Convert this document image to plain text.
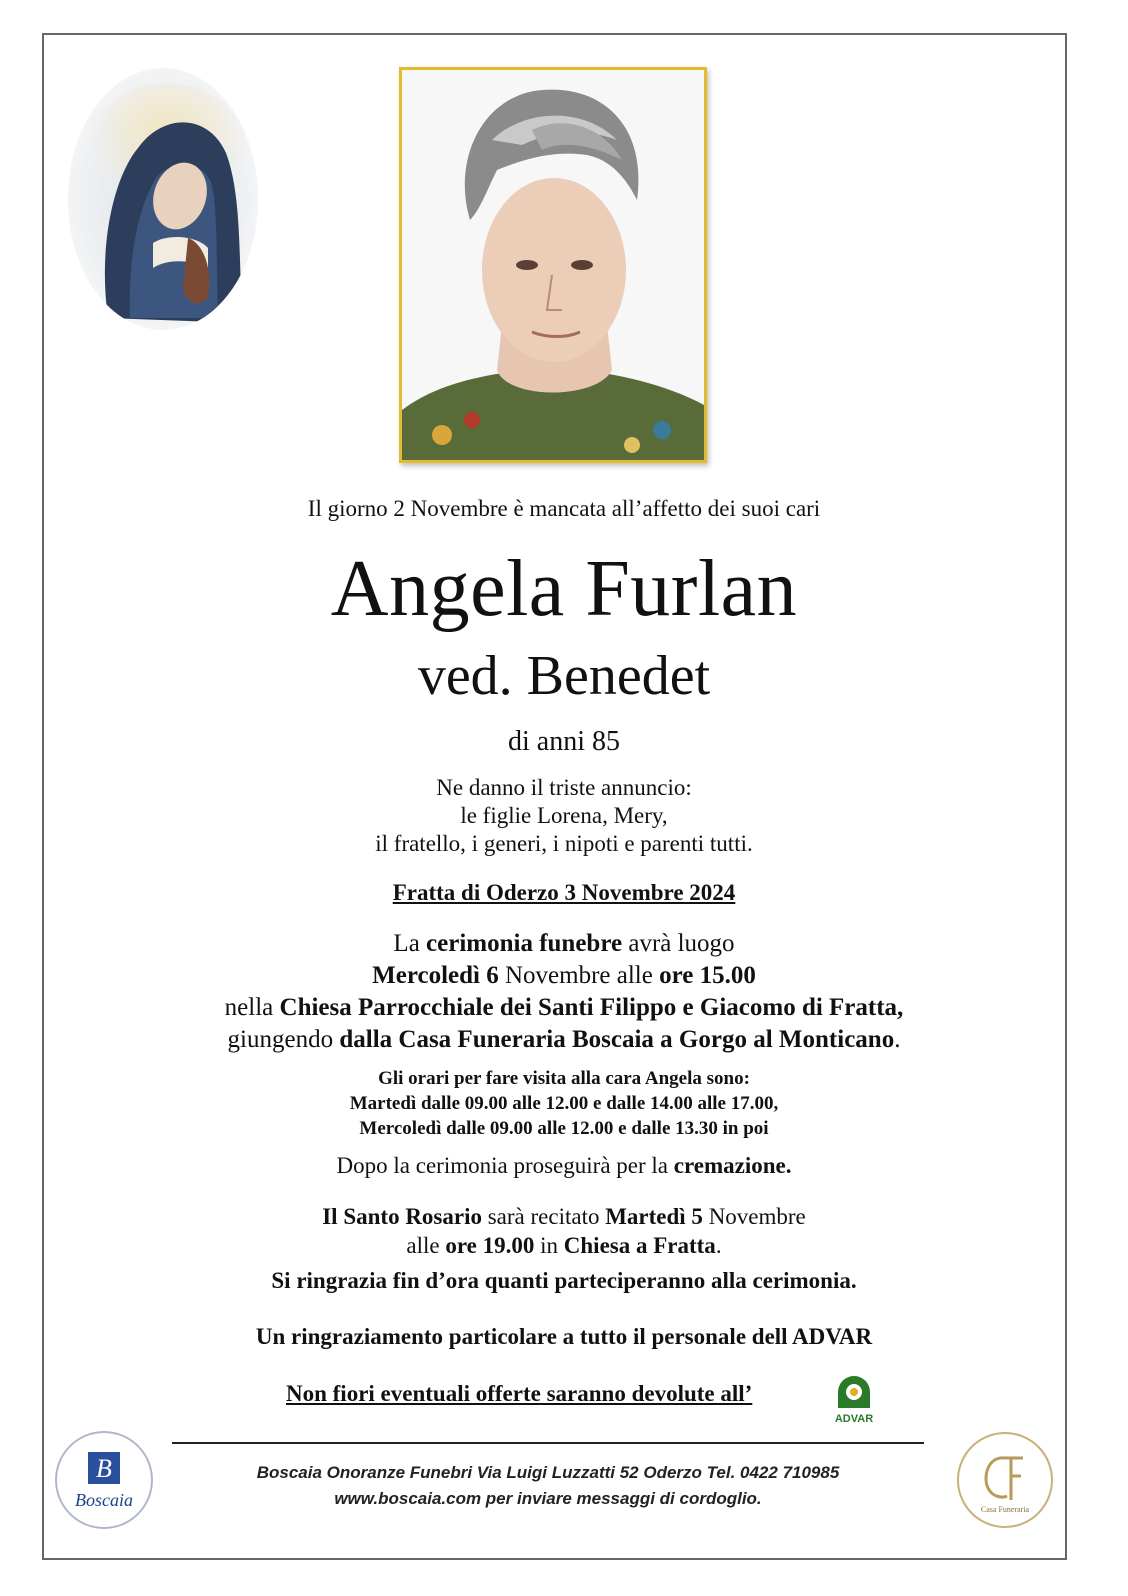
Il giorno 2 Novembre è mancata all’affetto dei suoi cari
Angela Furlan
ved. Benedet
di anni 85
Ne danno il triste annuncio:
le figlie Lorena, Mery,
il fratello, i generi, i nipoti e parenti tutti.
Fratta di Oderzo 3 Novembre 2024
La cerimonia funebre avrà luogo
Mercoledì 6 Novembre alle ore 15.00
nella Chiesa Parrocchiale dei Santi Filippo e Giacomo di Fratta,
giungendo dalla Casa Funeraria Boscaia a Gorgo al Monticano.
Gli orari per fare visita alla cara Angela sono:
Martedì dalle 09.00 alle 12.00 e dalle 14.00 alle 17.00,
Mercoledì dalle 09.00 alle 12.00 e dalle 13.30 in poi
Dopo la cerimonia proseguirà per la cremazione.
Il Santo Rosario sarà recitato Martedì 5 Novembre
alle ore 19.00 in Chiesa a Fratta.
Si ringrazia fin d’ora quanti parteciperanno alla cerimonia.
Un ringraziamento particolare a tutto il personale dell ADVAR
Non fiori eventuali offerte saranno devolute all’
ADVAR
B
Boscaia
Boscaia Onoranze Funebri Via Luigi Luzzatti 52 Oderzo Tel. 0422 710985
www.boscaia.com per inviare messaggi di cordoglio.
Casa Funeraria
